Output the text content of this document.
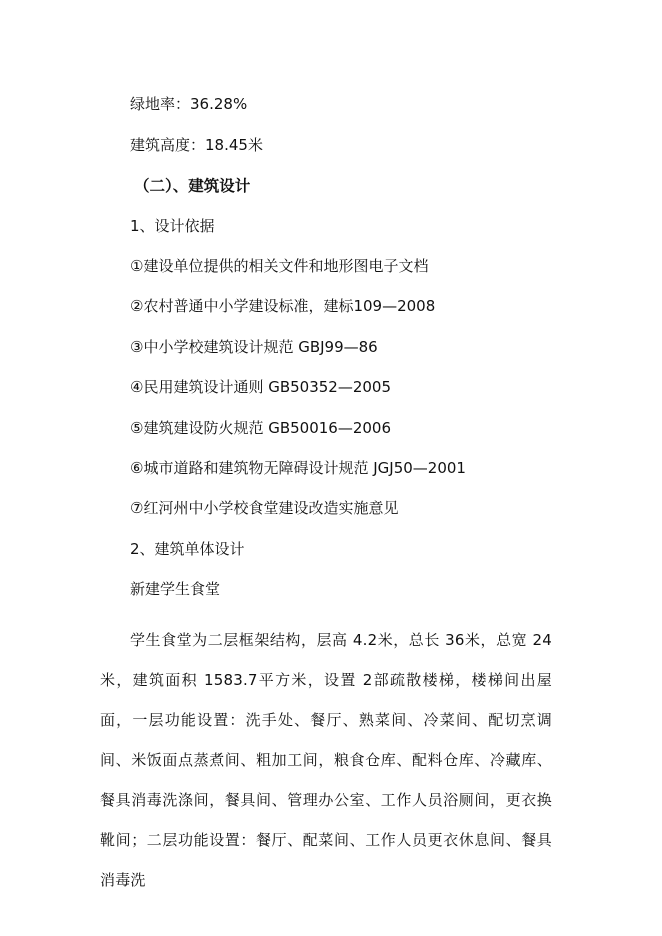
绿地率：36.28%
建筑高度：18.45米
（二）、建筑设计
1、设计依据
①建设单位提供的相关文件和地形图电子文档
②农村普通中小学建设标准，建标109—2008
③中小学校建筑设计规范 GBJ99—86
④民用建筑设计通则 GB50352—2005
⑤建筑建设防火规范 GB50016—2006
⑥城市道路和建筑物无障碍设计规范 JGJ50—2001
⑦红河州中小学校食堂建设改造实施意见
2、建筑单体设计
新建学生食堂
学生食堂为二层框架结构，层高 4.2米，总长 36米，总宽 24米，建筑面积 1583.7平方米，设置 2部疏散楼梯，楼梯间出屋面，一层功能设置：洗手处、餐厅、熟菜间、冷菜间、配切烹调间、米饭面点蒸煮间、粗加工间，粮食仓库、配料仓库、冷藏库、餐具消毒洗涤间，餐具间、管理办公室、工作人员浴厕间，更衣换靴间；二层功能设置：餐厅、配菜间、工作人员更衣休息间、餐具消毒洗
